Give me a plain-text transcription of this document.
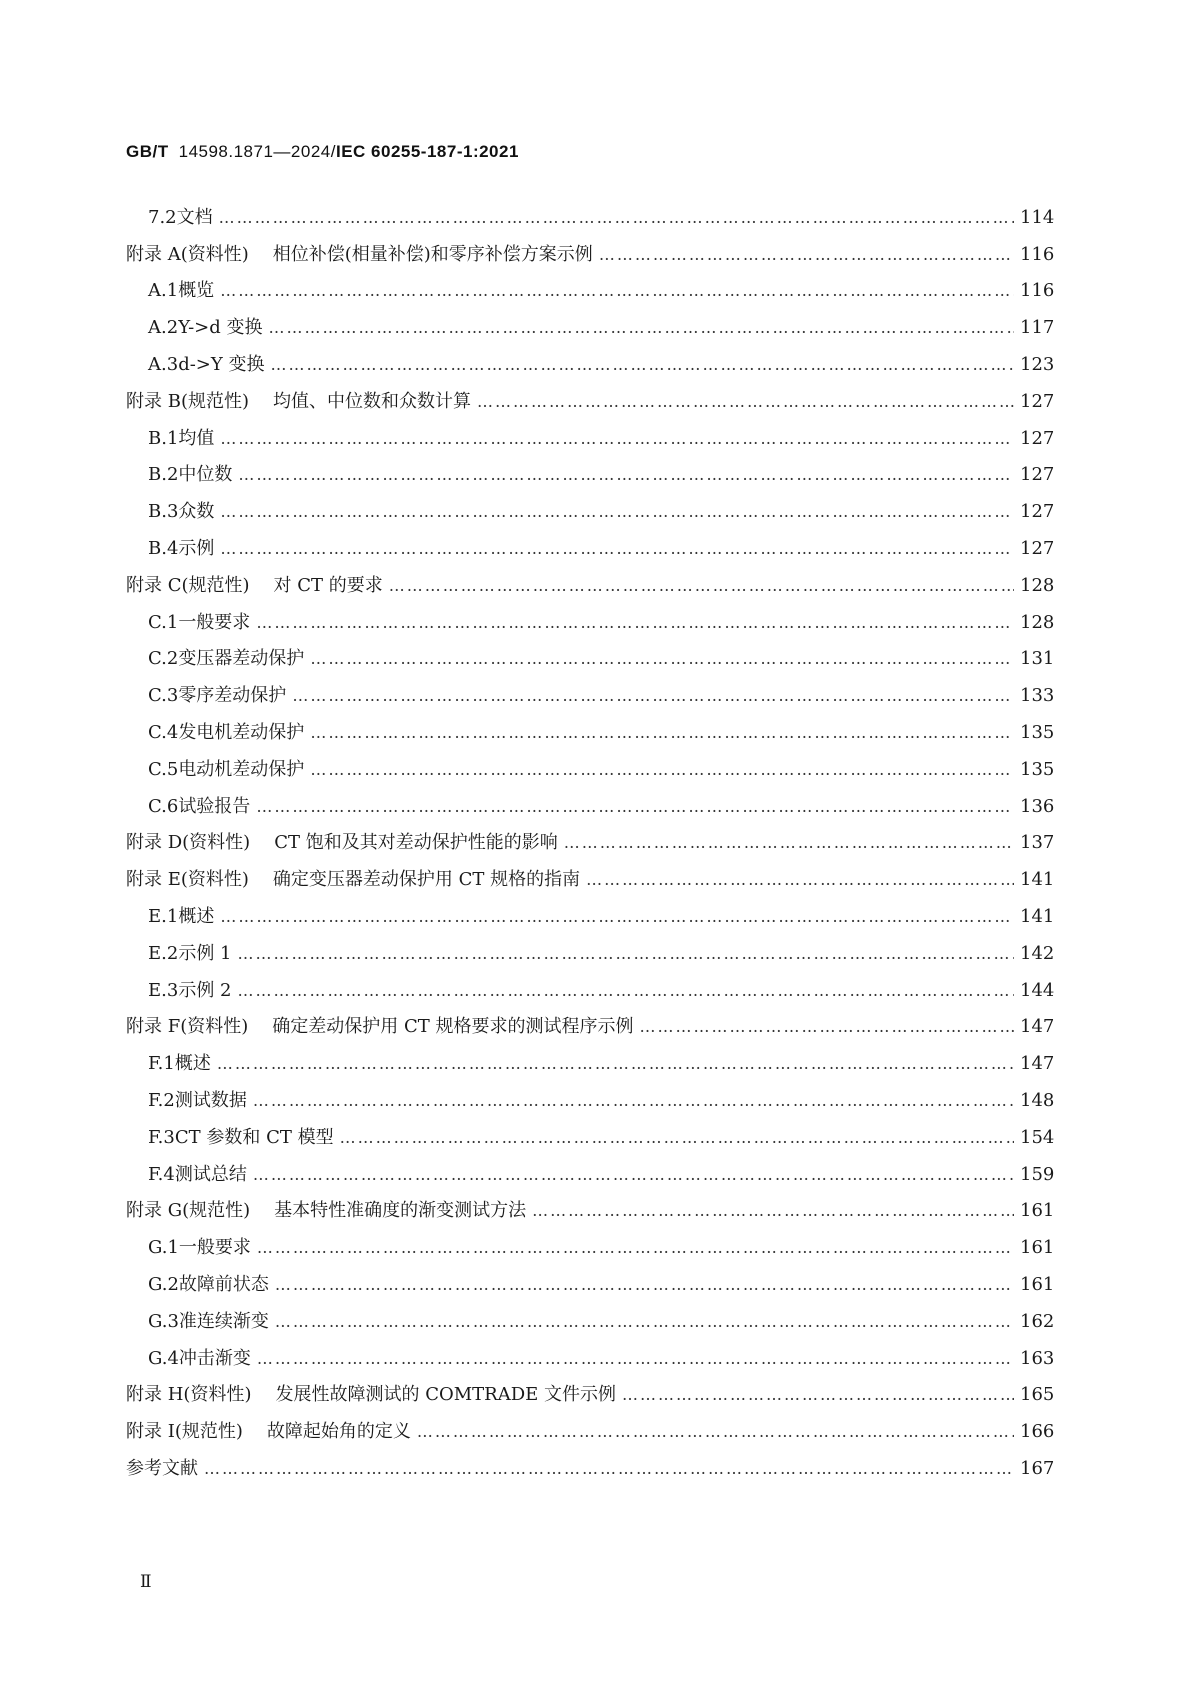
GB/T 14598.1871—2024/IEC 60255-187-1:2021
7.2 文档 …………………………………………………………………………………………………………………………………………………………………………………………………………………………………………………………	114
附录 A(资料性) 相位补偿(相量补偿)和零序补偿方案示例 …………………………………………………………………………………………………………………………………………………………………………………………………………………………………………………………	116
A.1 概览 …………………………………………………………………………………………………………………………………………………………………………………………………………………………………………………………	116
A.2 Y->d 变换 …………………………………………………………………………………………………………………………………………………………………………………………………………………………………………………………	117
A.3 d->Y 变换 …………………………………………………………………………………………………………………………………………………………………………………………………………………………………………………………	123
附录 B(规范性) 均值、中位数和众数计算 …………………………………………………………………………………………………………………………………………………………………………………………………………………………………………………………	127
B.1 均值 …………………………………………………………………………………………………………………………………………………………………………………………………………………………………………………………	127
B.2 中位数 …………………………………………………………………………………………………………………………………………………………………………………………………………………………………………………………	127
B.3 众数 …………………………………………………………………………………………………………………………………………………………………………………………………………………………………………………………	127
B.4 示例 …………………………………………………………………………………………………………………………………………………………………………………………………………………………………………………………	127
附录 C(规范性) 对 CT 的要求 …………………………………………………………………………………………………………………………………………………………………………………………………………………………………………………………	128
C.1 一般要求 …………………………………………………………………………………………………………………………………………………………………………………………………………………………………………………………	128
C.2 变压器差动保护 …………………………………………………………………………………………………………………………………………………………………………………………………………………………………………………………	131
C.3 零序差动保护 …………………………………………………………………………………………………………………………………………………………………………………………………………………………………………………………	133
C.4 发电机差动保护 …………………………………………………………………………………………………………………………………………………………………………………………………………………………………………………………	135
C.5 电动机差动保护 …………………………………………………………………………………………………………………………………………………………………………………………………………………………………………………………	135
C.6 试验报告 …………………………………………………………………………………………………………………………………………………………………………………………………………………………………………………………	136
附录 D(资料性) CT 饱和及其对差动保护性能的影响 …………………………………………………………………………………………………………………………………………………………………………………………………………………………………………………………	137
附录 E(资料性) 确定变压器差动保护用 CT 规格的指南 …………………………………………………………………………………………………………………………………………………………………………………………………………………………………………………………	141
E.1 概述 …………………………………………………………………………………………………………………………………………………………………………………………………………………………………………………………	141
E.2 示例 1 …………………………………………………………………………………………………………………………………………………………………………………………………………………………………………………………	142
E.3 示例 2 …………………………………………………………………………………………………………………………………………………………………………………………………………………………………………………………	144
附录 F(资料性) 确定差动保护用 CT 规格要求的测试程序示例 …………………………………………………………………………………………………………………………………………………………………………………………………………………………………………………………	147
F.1 概述 …………………………………………………………………………………………………………………………………………………………………………………………………………………………………………………………	147
F.2 测试数据 …………………………………………………………………………………………………………………………………………………………………………………………………………………………………………………………	148
F.3 CT 参数和 CT 模型 …………………………………………………………………………………………………………………………………………………………………………………………………………………………………………………………	154
F.4 测试总结 …………………………………………………………………………………………………………………………………………………………………………………………………………………………………………………………	159
附录 G(规范性) 基本特性准确度的渐变测试方法 …………………………………………………………………………………………………………………………………………………………………………………………………………………………………………………………	161
G.1 一般要求 …………………………………………………………………………………………………………………………………………………………………………………………………………………………………………………………	161
G.2 故障前状态 …………………………………………………………………………………………………………………………………………………………………………………………………………………………………………………………	161
G.3 准连续渐变 …………………………………………………………………………………………………………………………………………………………………………………………………………………………………………………………	162
G.4 冲击渐变 …………………………………………………………………………………………………………………………………………………………………………………………………………………………………………………………	163
附录 H(资料性) 发展性故障测试的 COMTRADE 文件示例 …………………………………………………………………………………………………………………………………………………………………………………………………………………………………………………………	165
附录 I(规范性) 故障起始角的定义 …………………………………………………………………………………………………………………………………………………………………………………………………………………………………………………………	166
参考文献 …………………………………………………………………………………………………………………………………………………………………………………………………………………………………………………………	167
Ⅱ
